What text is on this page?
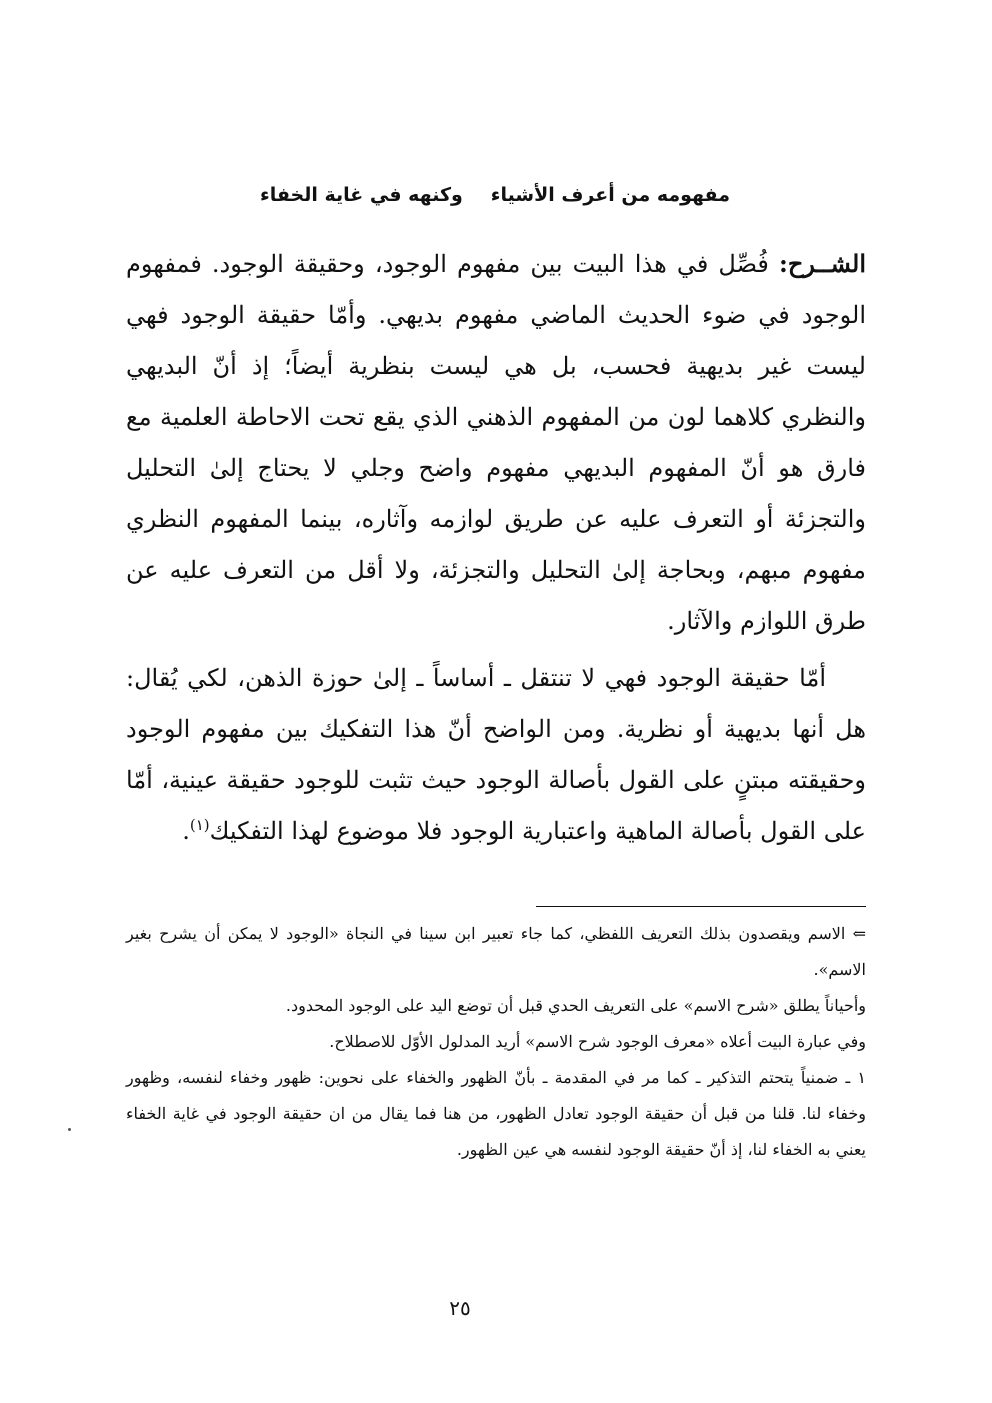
مفهومه من أعرف الأشياء
وكنهه في غاية الخفاء

الشــرح: فُصِّل في هذا البيت بين مفهوم الوجود، وحقيقة الوجود. فمفهوم الوجود في ضوء الحديث الماضي مفهوم بديهي. وأمّا حقيقة الوجود فهي ليست غير بديهية فحسب، بل هي ليست بنظرية أيضاً؛ إذ أنّ البديهي والنظري كلاهما لون من المفهوم الذهني الذي يقع تحت الاحاطة العلمية مع فارق هو أنّ المفهوم البديهي مفهوم واضح وجلي لا يحتاج إلىٰ التحليل والتجزئة أو التعرف عليه عن طريق لوازمه وآثاره، بينما المفهوم النظري مفهوم مبهم، وبحاجة إلىٰ التحليل والتجزئة، ولا أقل من التعرف عليه عن طرق اللوازم والآثار.

أمّا حقيقة الوجود فهي لا تنتقل ـ أساساً ـ إلىٰ حوزة الذهن، لكي يُقال: هل أنها بديهية أو نظرية. ومن الواضح أنّ هذا التفكيك بين مفهوم الوجود وحقيقته مبتنٍ على القول بأصالة الوجود حيث تثبت للوجود حقيقة عينية، أمّا على القول بأصالة الماهية واعتبارية الوجود فلا موضوع لهذا التفكيك$^{(١)}$.

⇐ الاسم ويقصدون بذلك التعريف اللفظي، كما جاء تعبير ابن سينا في النجاة «الوجود لا يمكن أن يشرح بغير الاسم».

وأحياناً يطلق «شرح الاسم» على التعريف الحدي قبل أن توضع اليد على الوجود المحدود.

وفي عبارة البيت أعلاه «معرف الوجود شرح الاسم» أريد المدلول الأوّل للاصطلاح.

١ ـ ضمنياً يتحتم التذكير ـ كما مر في المقدمة ـ بأنّ الظهور والخفاء على نحوين: ظهور وخفاء لنفسه، وظهور وخفاء لنا. قلنا من قبل أن حقيقة الوجود تعادل الظهور، من هنا فما يقال من ان حقيقة الوجود في غاية الخفاء يعني به الخفاء لنا، إذ أنّ حقيقة الوجود لنفسه هي عين الظهور.

٢٥
